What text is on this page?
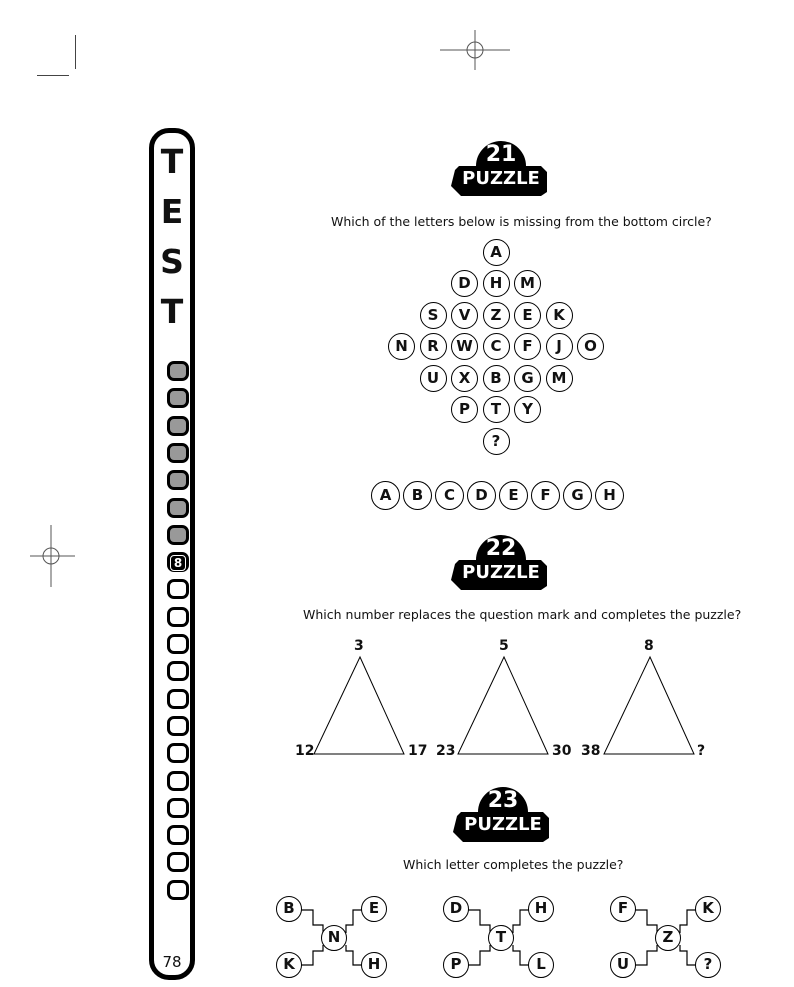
T
E
S
T
8
78
21
PUZZLE
Which of the letters below is missing from the bottom circle?
A
D	H	M
S	V	Z	E	K
N	R	W	C	F	J	O
U	X	B	G	M
P	T	Y
?
A	B	C	D	E	F	G	H
22
PUZZLE
Which number replaces the question mark and completes the puzzle?
3
12	17
5
23	30
8
38	?
23
PUZZLE
Which letter completes the puzzle?
B	E
N
K	H
D	H
T
P	L
F	K
Z
U	?
